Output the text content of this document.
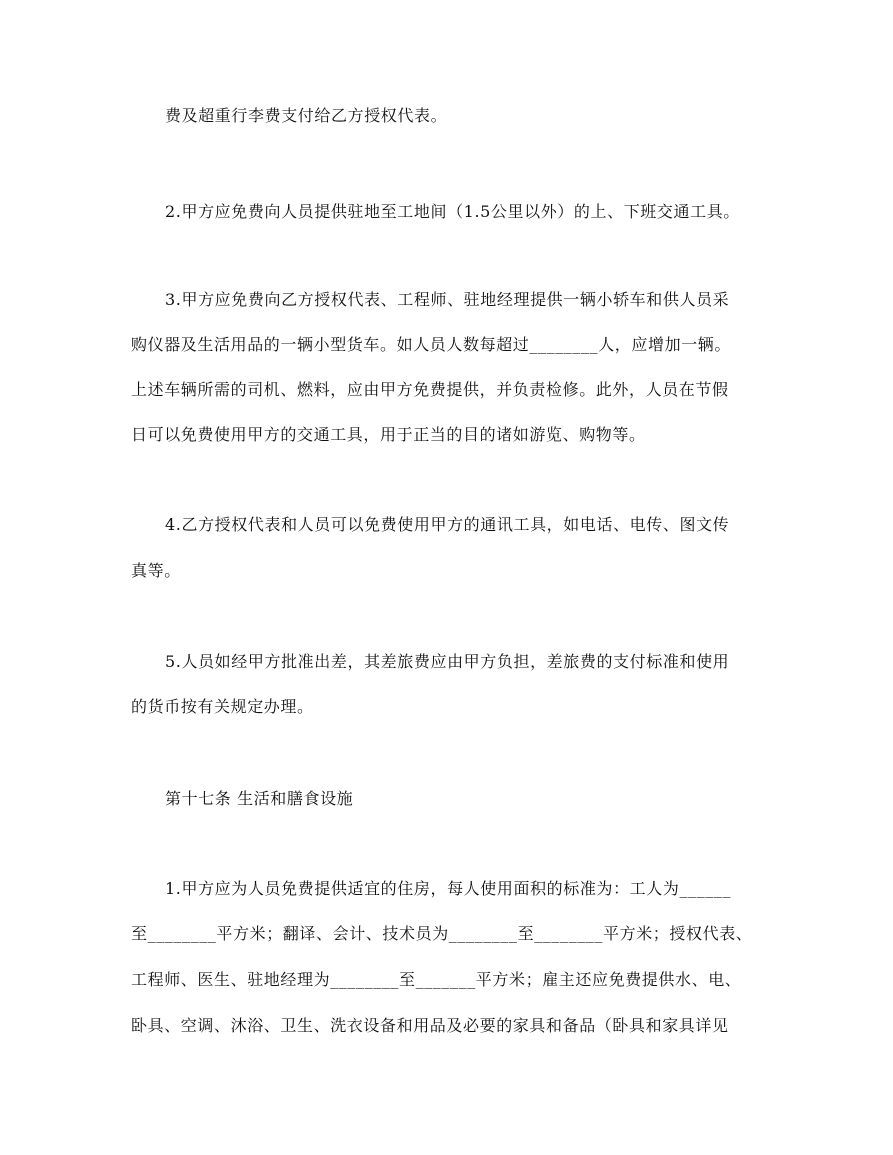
费及超重行李费支付给乙方授权代表。
2.甲方应免费向人员提供驻地至工地间（1.5公里以外）的上、下班交通工具。
3.甲方应免费向乙方授权代表、工程师、驻地经理提供一辆小轿车和供人员采
购仪器及生活用品的一辆小型货车。如人员人数每超过________人，应增加一辆。
上述车辆所需的司机、燃料，应由甲方免费提供，并负责检修。此外，人员在节假
日可以免费使用甲方的交通工具，用于正当的目的诸如游览、购物等。
4.乙方授权代表和人员可以免费使用甲方的通讯工具，如电话、电传、图文传
真等。
5.人员如经甲方批准出差，其差旅费应由甲方负担，差旅费的支付标准和使用
的货币按有关规定办理。
第十七条 生活和膳食设施
1.甲方应为人员免费提供适宜的住房，每人使用面积的标准为：工人为______
至________平方米；翻译、会计、技术员为________至________平方米；授权代表、
工程师、医生、驻地经理为________至_______平方米；雇主还应免费提供水、电、
卧具、空调、沐浴、卫生、洗衣设备和用品及必要的家具和备品（卧具和家具详见
